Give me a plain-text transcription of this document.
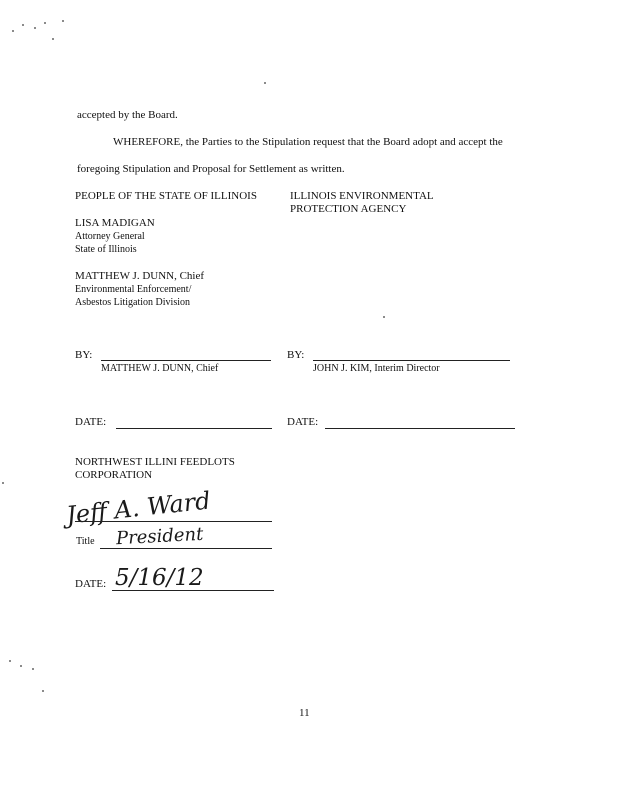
accepted by the Board.
WHEREFORE, the Parties to the Stipulation request that the Board adopt and accept the
foregoing Stipulation and Proposal for Settlement as written.
PEOPLE OF THE STATE OF ILLINOIS
LISA MADIGAN
Attorney General
State of Illinois
MATTHEW J. DUNN, Chief
Environmental Enforcement/
Asbestos Litigation Division
ILLINOIS ENVIRONMENTAL
PROTECTION AGENCY
BY:
MATTHEW J. DUNN, Chief
BY:
JOHN J. KIM, Interim Director
DATE:	DATE:
NORTHWEST ILLINI FEEDLOTS
CORPORATION
Jeff A. Ward
Title President
DATE: 5/16/12
11
